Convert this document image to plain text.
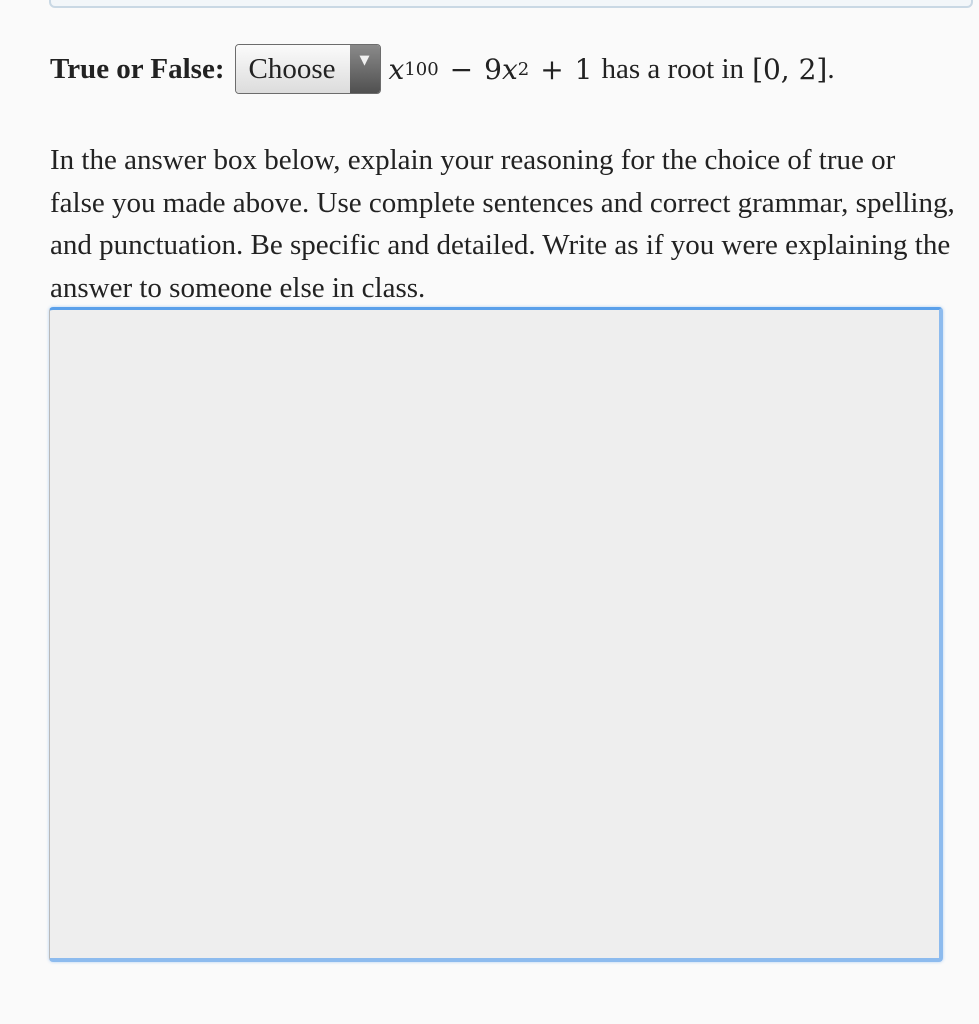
True or False: Choose	▼ $x^{100} - 9$ $x^2 + 1$ has a root in [0, 2] .

In the answer box below, explain your reasoning for the choice of true or false you made above. Use complete sentences and correct grammar, spelling, and punctuation. Be specific and detailed. Write as if you were explaining the answer to someone else in class.
